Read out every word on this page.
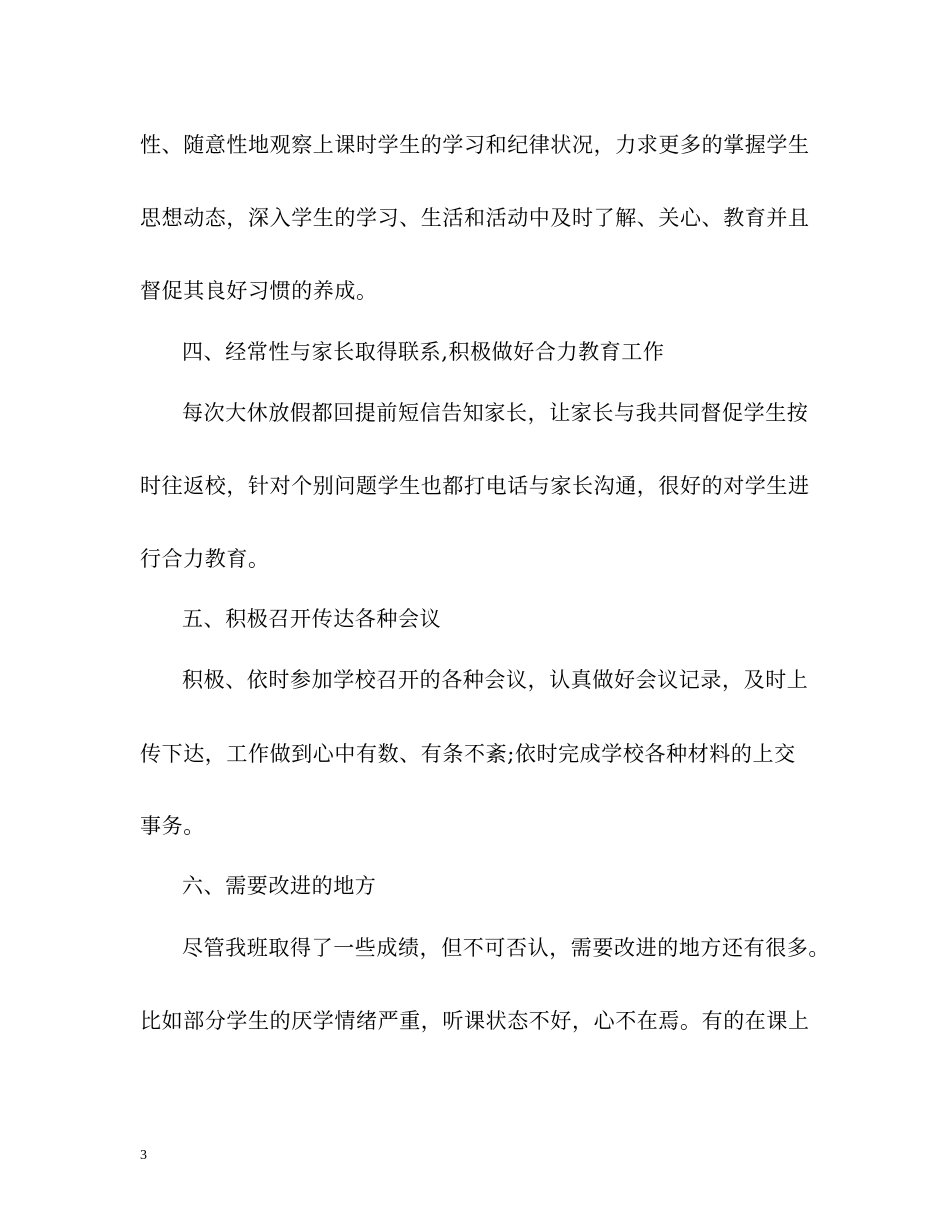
性、随意性地观察上课时学生的学习和纪律状况，力求更多的掌握学生
思想动态，深入学生的学习、生活和活动中及时了解、关心、教育并且
督促其良好习惯的养成。
四、经常性与家长取得联系,积极做好合力教育工作
每次大休放假都回提前短信告知家长，让家长与我共同督促学生按
时往返校，针对个别问题学生也都打电话与家长沟通，很好的对学生进
行合力教育。
五、积极召开传达各种会议
积极、依时参加学校召开的各种会议，认真做好会议记录，及时上
传下达，工作做到心中有数、有条不紊;依时完成学校各种材料的上交
事务。
六、需要改进的地方
尽管我班取得了一些成绩，但不可否认，需要改进的地方还有很多。
比如部分学生的厌学情绪严重，听课状态不好，心不在焉。有的在课上
3
